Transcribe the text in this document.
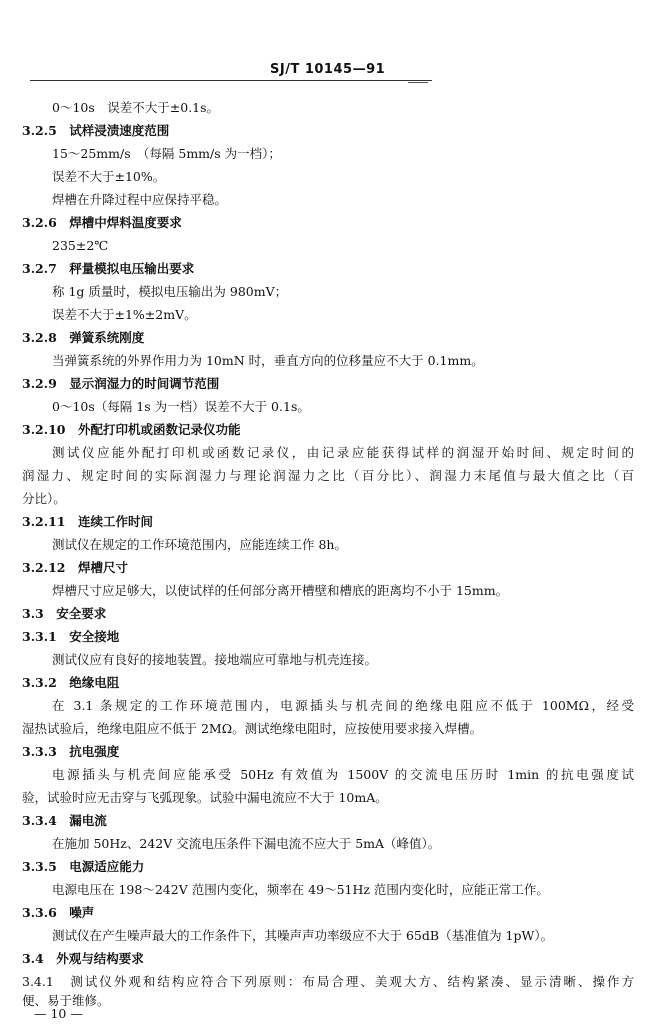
SJ/T 10145—91
0～10s　误差不大于±0.1s。
3.2.5　试样浸渍速度范围
15～25mm/s　（每隔 5mm/s 为一档）；
误差不大于±10%。
焊槽在升降过程中应保持平稳。
3.2.6　焊槽中焊料温度要求
235±2℃
3.2.7　秤量模拟电压输出要求
称 1g 质量时，模拟电压输出为 980mV；
误差不大于±1%±2mV。
3.2.8　弹簧系统刚度
当弹簧系统的外界作用力为 10mN 时，垂直方向的位移量应不大于 0.1mm。
3.2.9　显示润湿力的时间调节范围
0～10s（每隔 1s 为一档）误差不大于 0.1s。
3.2.10　外配打印机或函数记录仪功能
测试仪应能外配打印机或函数记录仪，由记录应能获得试样的润湿开始时间、规定时间的
润湿力、规定时间的实际润湿力与理论润湿力之比（百分比）、润湿力末尾值与最大值之比（百
分比）。
3.2.11　连续工作时间
测试仪在规定的工作环境范围内，应能连续工作 8h。
3.2.12　焊槽尺寸
焊槽尺寸应足够大，以使试样的任何部分离开槽壁和槽底的距离均不小于 15mm。
3.3　安全要求
3.3.1　安全接地
测试仪应有良好的接地装置。接地端应可靠地与机壳连接。
3.3.2　绝缘电阻
在 3.1 条规定的工作环境范围内，电源插头与机壳间的绝缘电阻应不低于 100MΩ，经受
湿热试验后，绝缘电阻应不低于 2MΩ。测试绝缘电阻时，应按使用要求接入焊槽。
3.3.3　抗电强度
电源插头与机壳间应能承受 50Hz 有效值为 1500V 的交流电压历时 1min 的抗电强度试
验，试验时应无击穿与飞弧现象。试验中漏电流应不大于 10mA。
3.3.4　漏电流
在施加 50Hz、242V 交流电压条件下漏电流不应大于 5mA（峰值）。
3.3.5　电源适应能力
电源电压在 198～242V 范围内变化，频率在 49～51Hz 范围内变化时，应能正常工作。
3.3.6　噪声
测试仪在产生噪声最大的工作条件下，其噪声声功率级应不大于 65dB（基准值为 1pW）。
3.4　外观与结构要求
3.4.1　测试仪外观和结构应符合下列原则：布局合理、美观大方、结构紧凑、显示清晰、操作方
便、易于维修。
— 10 —
